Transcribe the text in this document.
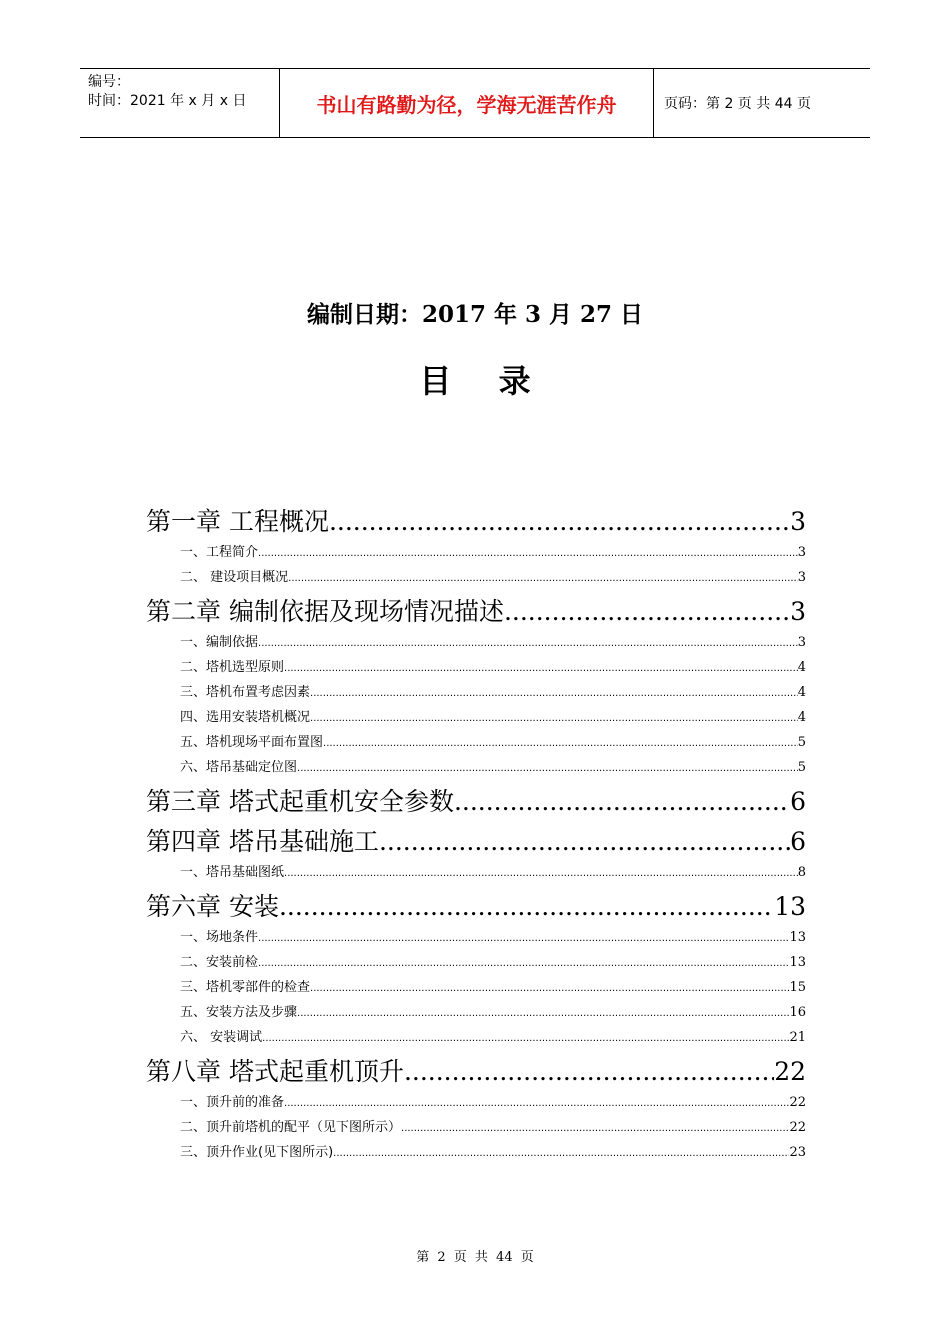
编号：
时间：2021 年 x 月 x 日	书山有路勤为径，学海无涯苦作舟	页码：第 2 页 共 44 页
编制日期：2017 年 3 月 27 日
目 录
第一章 工程概况 .....	3
一、工程简介 .....	3
二、 建设项目概况 .....	3
第二章 编制依据及现场情况描述 .....	3
一、编制依据 .....	3
二、塔机选型原则 .....	4
三、塔机布置考虑因素 .....	4
四、选用安装塔机概况 .....	4
五、塔机现场平面布置图 .....	5
六、塔吊基础定位图 .....	5
第三章 塔式起重机安全参数 .....	6
第四章 塔吊基础施工 .....	6
一、塔吊基础图纸 .....	8
第六章 安装 .....	13
一、场地条件 .....	13
二、安装前检 .....	13
三、塔机零部件的检查 .....	15
五、安装方法及步骤 .....	16
六、 安装调试 .....	21
第八章 塔式起重机顶升 .....	22
一、顶升前的准备 .....	22
二、顶升前塔机的配平（见下图所示） .....	22
三、顶升作业(见下图所示) .....	23
第 2 页 共 44 页
